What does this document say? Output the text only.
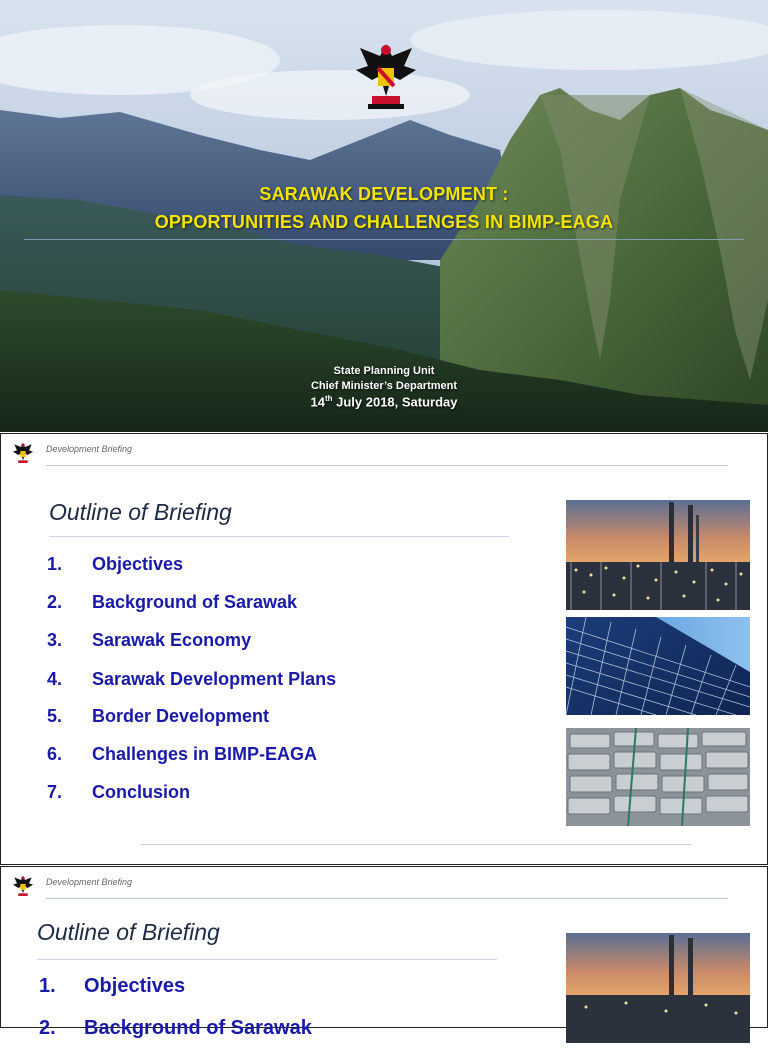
SARAWAK DEVELOPMENT :
OPPORTUNITIES AND CHALLENGES IN BIMP-EAGA
State Planning Unit
Chief Minister’s Department
14th July 2018, Saturday
Development Briefing
Outline of Briefing
1. Objectives
2. Background of Sarawak
3. Sarawak Economy
4. Sarawak Development Plans
5. Border Development
6. Challenges in BIMP-EAGA
7. Conclusion
Development Briefing
Outline of Briefing
1. Objectives
2. Background of Sarawak
